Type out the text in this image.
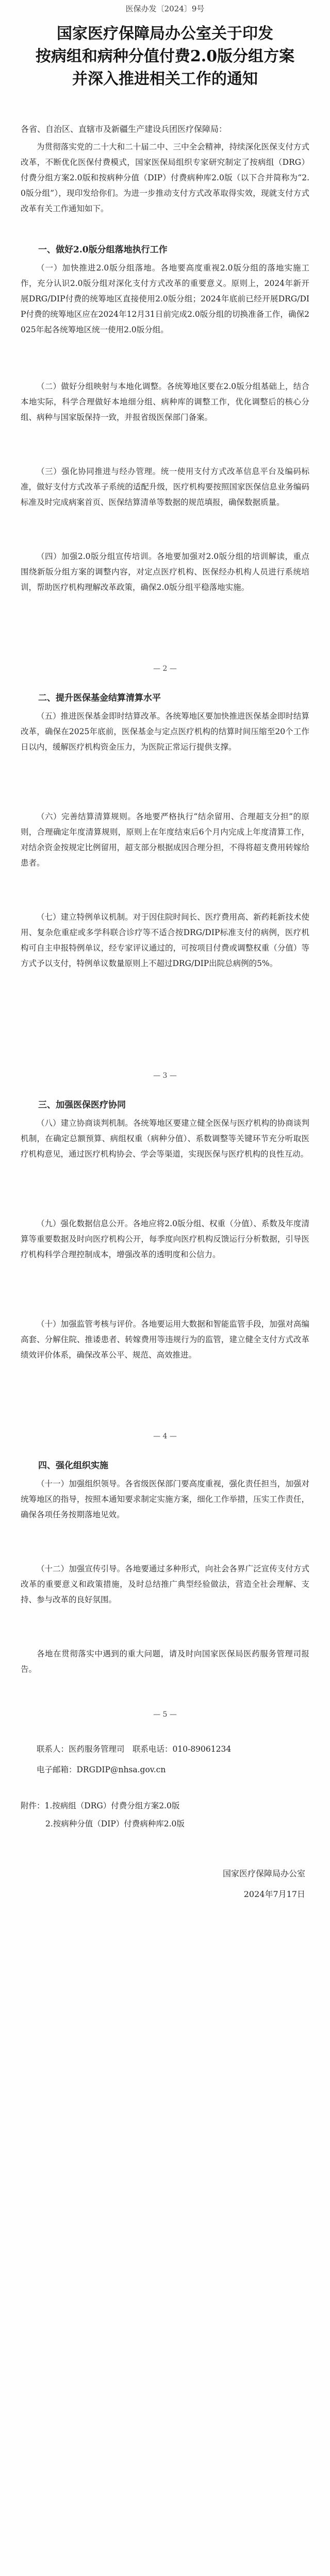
医保办发〔2024〕9号
国家医疗保障局办公室关于印发
按病组和病种分值付费2.0版分组方案
并深入推进相关工作的通知
各省、自治区、直辖市及新疆生产建设兵团医疗保障局：
为贯彻落实党的二十大和二十届二中、三中全会精神，持续深化医保支付方式改革，不断优化医保付费模式，国家医保局组织专家研究制定了按病组（DRG）付费分组方案2.0版和按病种分值（DIP）付费病种库2.0版（以下合并简称为“2.0版分组”），现印发给你们。为进一步推动支付方式改革取得实效，现就支付方式改革有关工作通知如下。
一、做好2.0版分组落地执行工作
（一）加快推进2.0版分组落地。各地要高度重视2.0版分组的落地实施工作，充分认识2.0版分组对深化支付方式改革的重要意义。原则上，2024年新开展DRG/DIP付费的统筹地区直接使用2.0版分组；2024年底前已经开展DRG/DIP付费的统筹地区应在2024年12月31日前完成2.0版分组的切换准备工作，确保2025年起各统筹地区统一使用2.0版分组。
（二）做好分组映射与本地化调整。各统筹地区要在2.0版分组基础上，结合本地实际，科学合理做好本地细分组、病种库的调整工作，优化调整后的核心分组、病种与国家版保持一致，并报省级医保部门备案。
（三）强化协同推进与经办管理。统一使用支付方式改革信息平台及编码标准，做好支付方式改革子系统的适配升级，医疗机构要按照国家医保信息业务编码标准及时完成病案首页、医保结算清单等数据的规范填报，确保数据质量。
（四）加强2.0版分组宣传培训。各地要加强对2.0版分组的培训解读，重点围绕新版分组方案的调整内容，对定点医疗机构、医保经办机构人员进行系统培训，帮助医疗机构理解改革政策，确保2.0版分组平稳落地实施。
— 2 —
二、提升医保基金结算清算水平
（五）推进医保基金即时结算改革。各统筹地区要加快推进医保基金即时结算改革，确保在2025年底前，医保基金与定点医疗机构的结算时间压缩至20个工作日以内，缓解医疗机构资金压力，为医院正常运行提供支撑。
（六）完善结算清算规则。各地要严格执行“结余留用、合理超支分担”的原则，合理确定年度清算规则，原则上在年度结束后6个月内完成上年度清算工作，对结余资金按规定比例留用，超支部分根据成因合理分担，不得将超支费用转嫁给患者。
（七）建立特例单议机制。对于因住院时间长、医疗费用高、新药耗新技术使用、复杂危重症或多学科联合诊疗等不适合按DRG/DIP标准支付的病例，医疗机构可自主申报特例单议，经专家评议通过的，可按项目付费或调整权重（分值）等方式予以支付，特例单议数量原则上不超过DRG/DIP出院总病例的5%。
— 3 —
三、加强医保医疗协同
（八）建立协商谈判机制。各统筹地区要建立健全医保与医疗机构的协商谈判机制，在确定总额预算、病组权重（病种分值）、系数调整等关键环节充分听取医疗机构意见，通过医疗机构协会、学会等渠道，实现医保与医疗机构的良性互动。
（九）强化数据信息公开。各地应将2.0版分组、权重（分值）、系数及年度清算等重要数据及时向医疗机构公开，每季度向医疗机构反馈运行分析数据，引导医疗机构科学合理控制成本，增强改革的透明度和公信力。
（十）加强监管考核与评价。各地要运用大数据和智能监管手段，加强对高编高套、分解住院、推诿患者、转嫁费用等违规行为的监管，建立健全支付方式改革绩效评价体系，确保改革公平、规范、高效推进。
— 4 —
四、强化组织实施
（十一）加强组织领导。各省级医保部门要高度重视，强化责任担当，加强对统筹地区的指导，按照本通知要求制定实施方案，细化工作举措，压实工作责任，确保各项任务按期落地见效。
（十二）加强宣传引导。各地要通过多种形式，向社会各界广泛宣传支付方式改革的重要意义和政策措施，及时总结推广典型经验做法，营造全社会理解、支持、参与改革的良好氛围。
各地在贯彻落实中遇到的重大问题，请及时向国家医保局医药服务管理司报告。
— 5 —
联系人：医药服务管理司　联系电话：010-89061234
电子邮箱：DRGDIP@nhsa.gov.cn
附件：1.按病组（DRG）付费分组方案2.0版
2.按病种分值（DIP）付费病种库2.0版
国家医疗保障局办公室
2024年7月17日
